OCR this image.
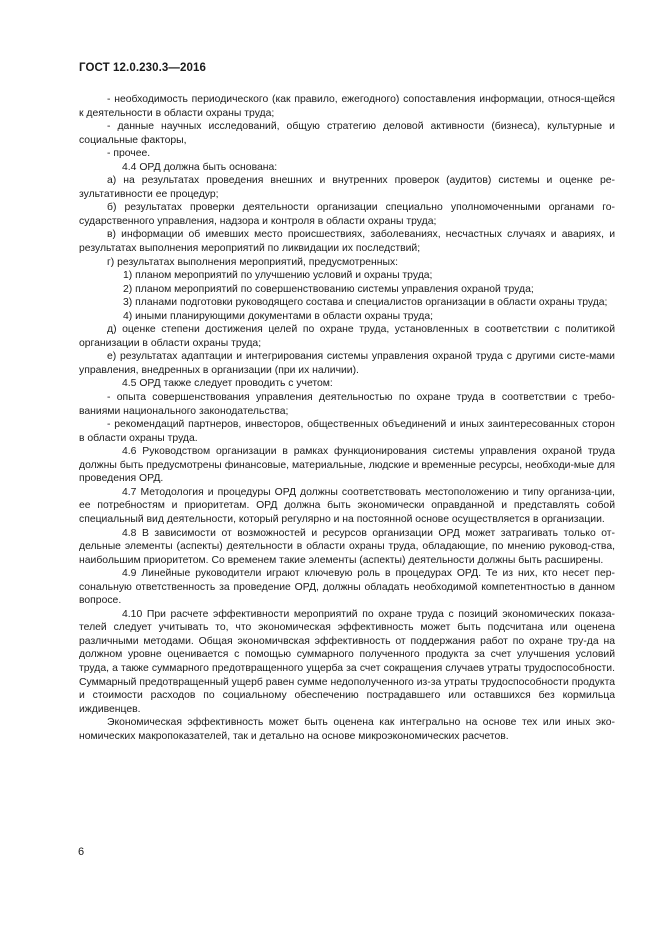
ГОСТ 12.0.230.3—2016

- необходимость периодического (как правило, ежегодного) сопоставления информации, относя-щейся к деятельности в области охраны труда;

- данные научных исследований, общую стратегию деловой активности (бизнеса), культурные и социальные факторы,

- прочее.

4.4 ОРД должна быть основана:

а) на результатах проведения внешних и внутренних проверок (аудитов) системы и оценке ре-зультативности ее процедур;

б) результатах проверки деятельности организации специально уполномоченными органами го-сударственного управления, надзора и контроля в области охраны труда;

в) информации об имевших место происшествиях, заболеваниях, несчастных случаях и авариях, и результатах выполнения мероприятий по ликвидации их последствий;

г) результатах выполнения мероприятий, предусмотренных:

1) планом мероприятий по улучшению условий и охраны труда;

2) планом мероприятий по совершенствованию системы управления охраной труда;

3) планами подготовки руководящего состава и специалистов организации в области охраны труда;

4) иными планирующими документами в области охраны труда;

д) оценке степени достижения целей по охране труда, установленных в соответствии с политикой организации в области охраны труда;

е) результатах адаптации и интегрирования системы управления охраной труда с другими систе-мами управления, внедренных в организации (при их наличии).

4.5 ОРД также следует проводить с учетом:

- опыта совершенствования управления деятельностью по охране труда в соответствии с требо-ваниями национального законодательства;

- рекомендаций партнеров, инвесторов, общественных объединений и иных заинтересованных сторон в области охраны труда.

4.6 Руководством организации в рамках функционирования системы управления охраной труда должны быть предусмотрены финансовые, материальные, людские и временные ресурсы, необходи-мые для проведения ОРД.

4.7 Методология и процедуры ОРД должны соответствовать местоположению и типу организа-ции, ее потребностям и приоритетам. ОРД должна быть экономически оправданной и представлять собой специальный вид деятельности, который регулярно и на постоянной основе осуществляется в организации.

4.8 В зависимости от возможностей и ресурсов организации ОРД может затрагивать только от-дельные элементы (аспекты) деятельности в области охраны труда, обладающие, по мнению руковод-ства, наибольшим приоритетом. Со временем такие элементы (аспекты) деятельности должны быть расширены.

4.9 Линейные руководители играют ключевую роль в процедурах ОРД. Те из них, кто несет пер-сональную ответственность за проведение ОРД, должны обладать необходимой компетентностью в данном вопросе.

4.10 При расчете эффективности мероприятий по охране труда с позиций экономических показа-телей следует учитывать то, что экономическая эффективность может быть подсчитана или оценена различными методами. Общая экономичвская эффективность от поддержания работ по охране тру-да на должном уровне оценивается с помощью суммарного полученного продукта за счет улучшения условий труда, а также суммарного предотвращенного ущерба за счет сокращения случаев утраты трудоспособности. Суммарный предотвращенный ущерб равен сумме недополученного из-за утраты трудоспособности продукта и стоимости расходов по социальному обеспечению пострадавшего или оставшихся без кормильца иждивенцев.

Экономическая эффективность может быть оценена как интегрально на основе тех или иных эко-номических макропоказателей, так и детально на основе микроэкономических расчетов.

6
